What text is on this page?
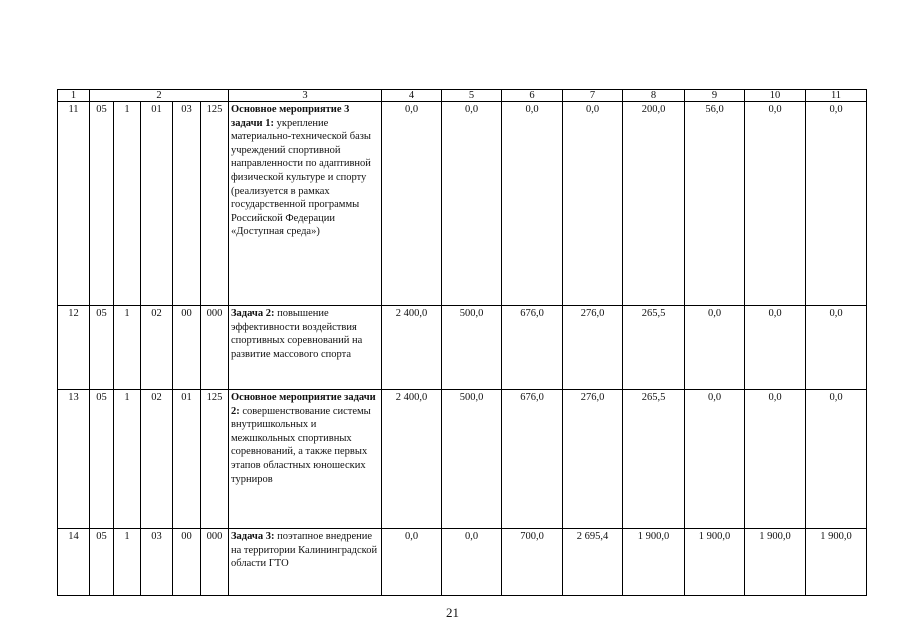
1	2					3	4	5	6	7	8	9	10	11
11	05	1	01	03	125	Основное мероприятие 3 задачи 1: укрепление материально-технической базы учреждений спортивной направленности по адаптивной физической культуре и спорту (реализуется в рамках государственной программы Российской Федерации «Доступная среда»)	0,0	0,0	0,0	0,0	200,0	56,0	0,0	0,0
12	05	1	02	00	000	Задача 2: повышение эффективности воздействия спортивных соревнований на развитие массового спорта	2 400,0	500,0	676,0	276,0	265,5	0,0	0,0	0,0
13	05	1	02	01	125	Основное мероприятие задачи 2: совершенствование системы внутришкольных и межшкольных спортивных соревнований, а также первых этапов областных юношеских турниров	2 400,0	500,0	676,0	276,0	265,5	0,0	0,0	0,0
14	05	1	03	00	000	Задача 3: поэтапное внедрение на территории Калининградской области ГТО	0,0	0,0	700,0	2 695,4	1 900,0	1 900,0	1 900,0	1 900,0
21
